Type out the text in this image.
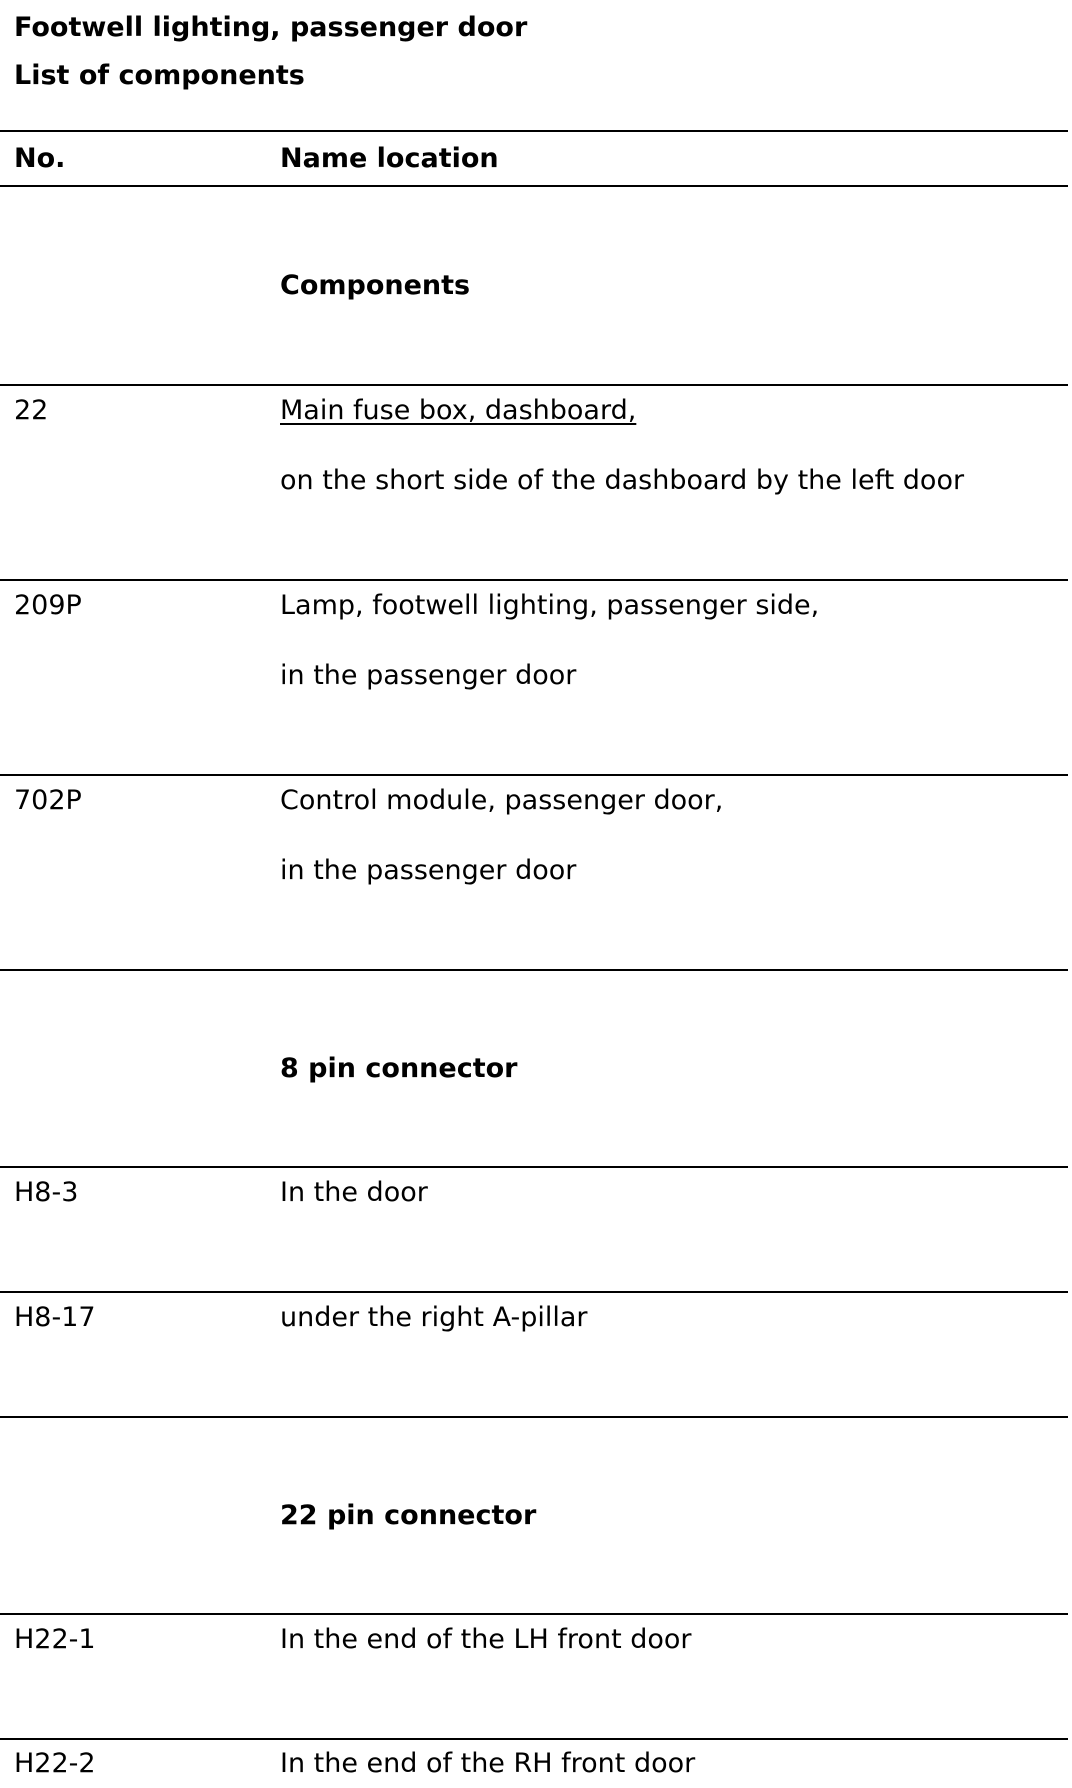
Footwell lighting, passenger door
List of components
No.	Name location
Components
22	Main fuse box, dashboard,
on the short side of the dashboard by the left door
209P	Lamp, footwell lighting, passenger side,
in the passenger door
702P	Control module, passenger door,
in the passenger door
8 pin connector
H8-3	In the door
H8-17	under the right A-pillar
22 pin connector
H22-1	In the end of the LH front door
H22-2	In the end of the RH front door
